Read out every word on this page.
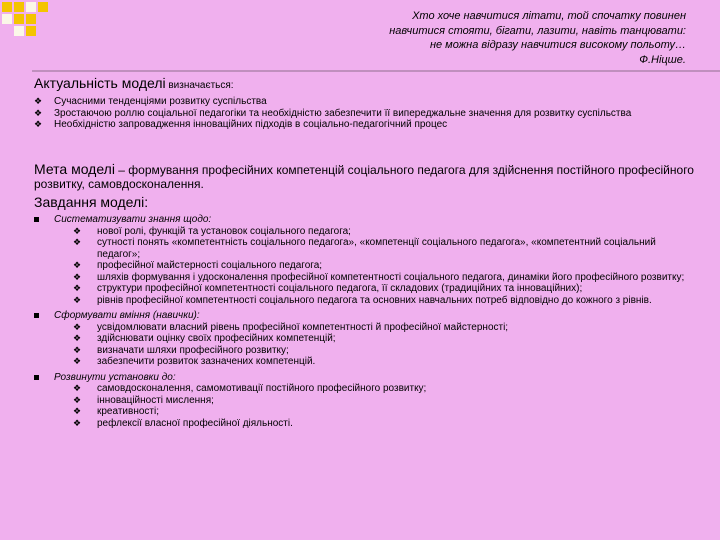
Хто хоче навчитися літати, той спочатку повинен
навчитися стояти, бігати, лазити, навіть танцювати:
не можна відразу навчитися високому польоту…
Ф.Ніцше.
Актуальність моделі визначається:
❖ Сучасними тенденціями розвитку суспільства
❖ Зростаючою роллю соціальної педагогіки та необхідністю забезпечити її випереджальне значення для розвитку суспільства
❖ Необхідністю запровадження інноваційних підходів в соціально-педагогічний процес
Мета моделі – формування професійних компетенцій соціального педагога для здійснення постійного професійного розвитку, самовдосконалення.
Завдання моделі:
Систематизувати знання щодо:
❖ нової ролі, функцій та установок соціального педагога;
❖ сутності понять «компетентність соціального педагога», «компетенції соціального педагога», «компетентний соціальний педагог»;
❖ професійної майстерності соціального педагога;
❖ шляхів формування і удосконалення професійної компетентності соціального педагога, динаміки його професійного розвитку;
❖ структури професійної компетентності соціального педагога, її складових (традиційних та інноваційних);
❖ рівнів професійної компетентності соціального педагога та основних навчальних потреб відповідно до кожного з рівнів.
Сформувати вміння (навички):
❖ усвідомлювати власний рівень професійної компетентності й професійної майстерності;
❖ здійснювати оцінку своїх професійних компетенцій;
❖ визначати шляхи професійного розвитку;
❖ забезпечити розвиток зазначених компетенцій.
Розвинути установки до:
❖ самовдосконалення, самомотивації постійного професійного розвитку;
❖ інноваційності мислення;
❖ креативності;
❖ рефлексії власної професійної діяльності.
